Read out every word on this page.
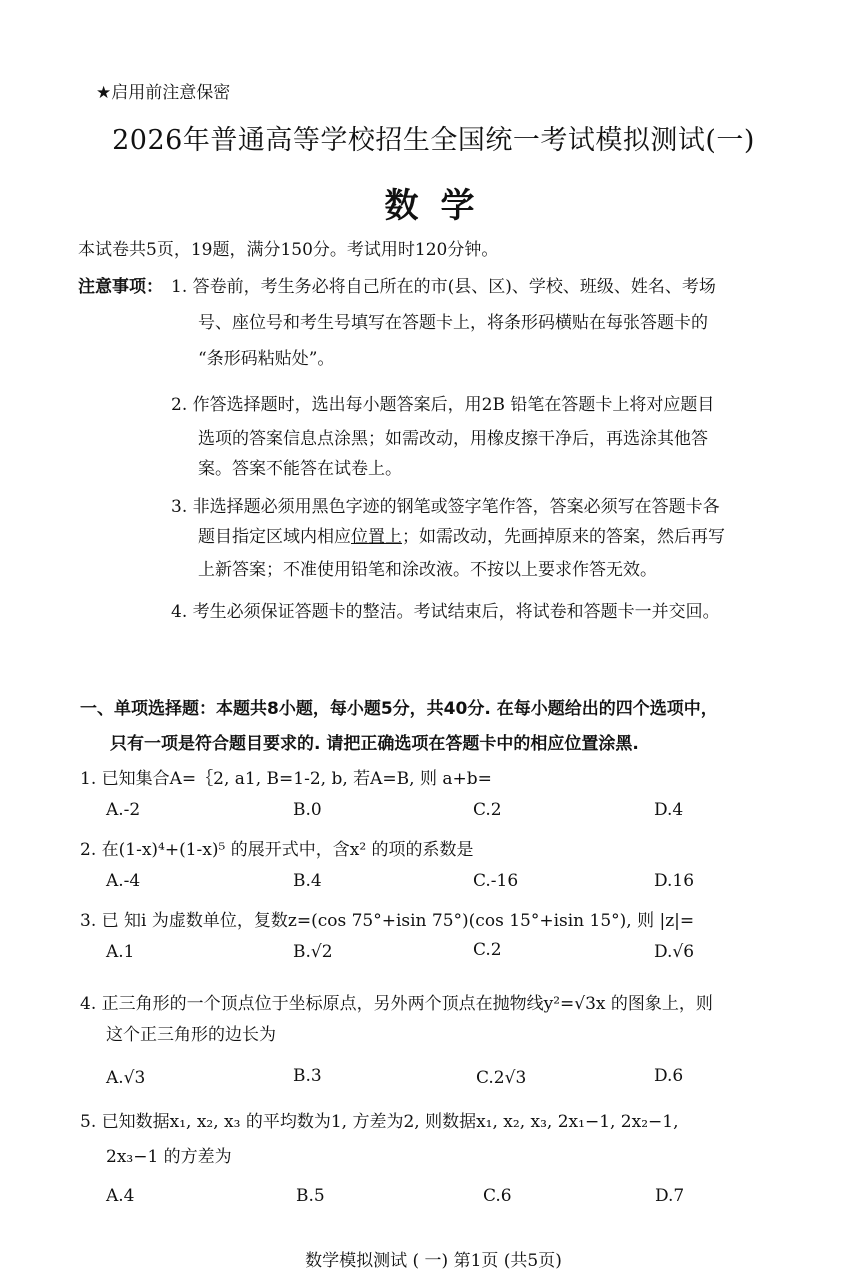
★启用前注意保密
2026年普通高等学校招生全国统一考试模拟测试(一)
数学
本试卷共5页，19题，满分150分。考试用时120分钟。
注意事项： 1. 答卷前，考生务必将自己所在的市(县、区)、学校、班级、姓名、考场
号、座位号和考生号填写在答题卡上，将条形码横贴在每张答题卡的
“条形码粘贴处”。
2. 作答选择题时，选出每小题答案后，用2B 铅笔在答题卡上将对应题目
选项的答案信息点涂黑；如需改动，用橡皮擦干净后，再选涂其他答
案。答案不能答在试卷上。
3. 非选择题必须用黑色字迹的钢笔或签字笔作答，答案必须写在答题卡各
题目指定区域内相应位置上；如需改动，先画掉原来的答案，然后再写
上新答案；不准使用铅笔和涂改液。不按以上要求作答无效。
4. 考生必须保证答题卡的整洁。考试结束后，将试卷和答题卡一并交回。
一、单项选择题：本题共8小题，每小题5分，共40分. 在每小题给出的四个选项中，
只有一项是符合题目要求的. 请把正确选项在答题卡中的相应位置涂黑.
1. 已知集合A=｛2, a1, B=1-2, b, 若A=B, 则 a+b=
A.-2	B.0	C.2	D.4
2. 在(1-x)⁴+(1-x)⁵ 的展开式中，含x² 的项的系数是
A.-4	B.4	C.-16	D.16
3. 已 知i 为虚数单位，复数z=(cos 75°+isin 75°)(cos 15°+isin 15°), 则 |z|=
A.1	B.√2	C.2	D.√6
4. 正三角形的一个顶点位于坐标原点，另外两个顶点在抛物线y²=√3x 的图象上，则
这个正三角形的边长为
A.√3	B.3	C.2√3	D.6
5. 已知数据x₁, x₂, x₃ 的平均数为1, 方差为2, 则数据x₁, x₂, x₃, 2x₁−1, 2x₂−1,
2x₃−1 的方差为
A.4	B.5	C.6	D.7
数学模拟测试 ( 一) 第1页 (共5页)
